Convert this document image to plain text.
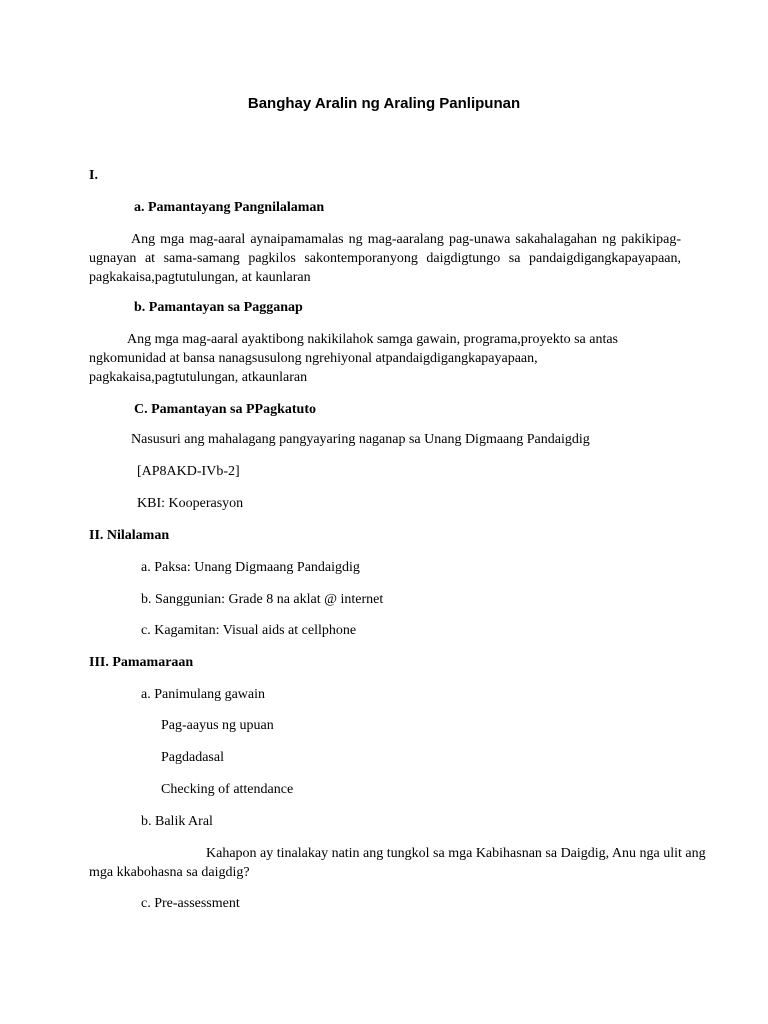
Banghay Aralin ng Araling Panlipunan
I.
a. Pamantayang Pangnilalaman
Ang mga mag-aaral aynaipamamalas ng mag-aaralang pag-unawa sakahalagahan ng pakikipag-
ugnayan at sama-samang pagkilos sakontemporanyong daigdigtungo sa pandaigdigangkapayapaan,
pagkakaisa,pagtutulungan, at kaunlaran
b. Pamantayan sa Pagganap
Ang mga mag-aaral ayaktibong nakikilahok samga gawain, programa,proyekto sa antas
ngkomunidad at bansa nanagsusulong ngrehiyonal atpandaigdigangkapayapaan,
pagkakaisa,pagtutulungan, atkaunlaran
C. Pamantayan sa PPagkatuto
Nasusuri ang mahalagang pangyayaring naganap sa Unang Digmaang Pandaigdig
[AP8AKD-IVb-2]
KBI: Kooperasyon
II. Nilalaman
a. Paksa: Unang Digmaang Pandaigdig
b. Sanggunian: Grade 8 na aklat @ internet
c. Kagamitan: Visual aids at cellphone
III. Pamamaraan
a. Panimulang gawain
Pag-aayus ng upuan
Pagdadasal
Checking of attendance
b. Balik Aral
Kahapon ay tinalakay natin ang tungkol sa mga Kabihasnan sa Daigdig, Anu nga ulit ang
mga kkabohasna sa daigdig?
c. Pre-assessment
